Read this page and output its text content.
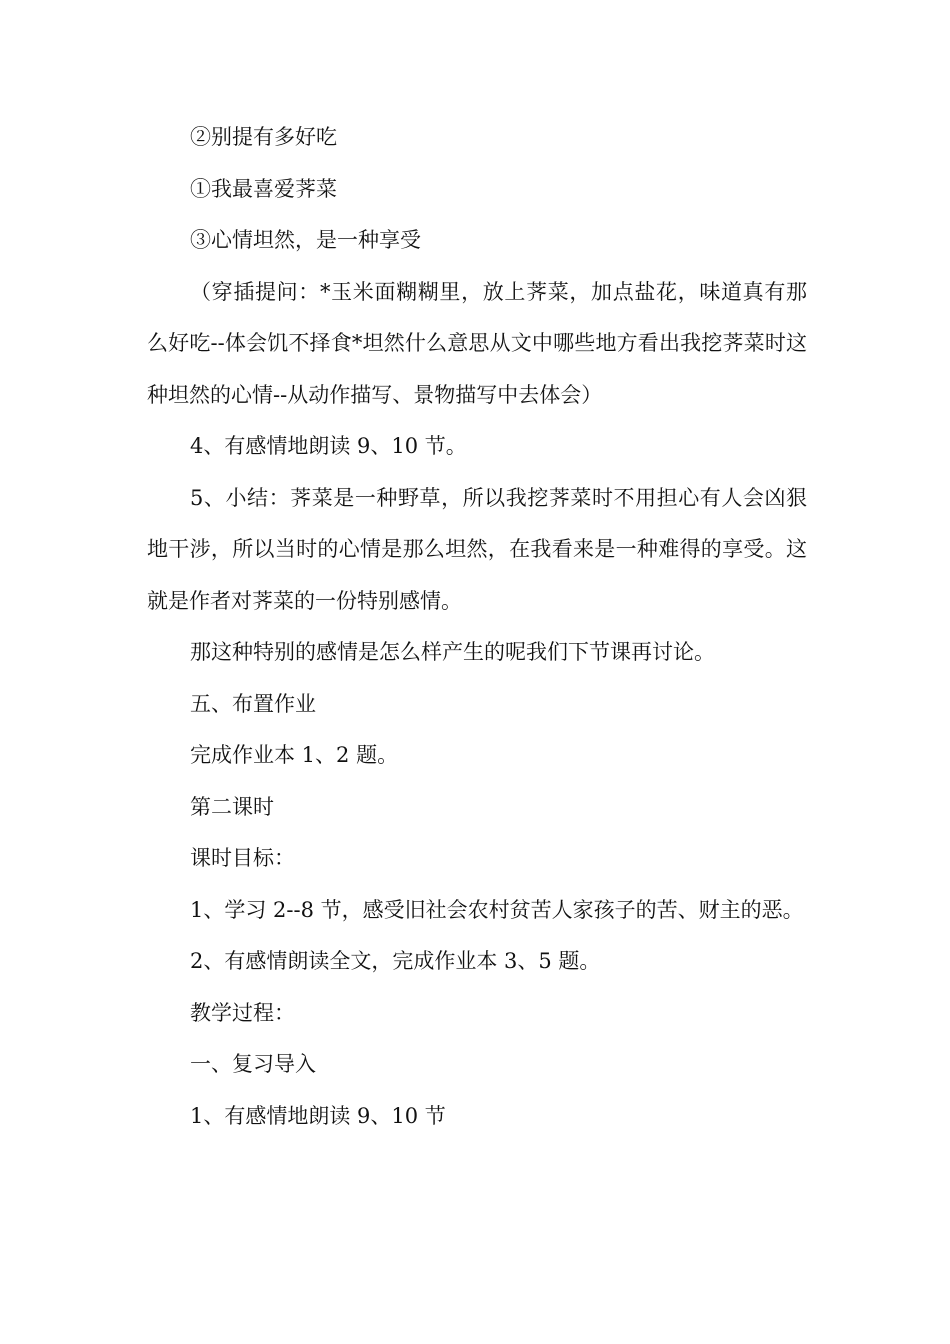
②别提有多好吃

①我最喜爱荠菜

③心情坦然，是一种享受

（穿插提问：*玉米面糊糊里，放上荠菜，加点盐花，味道真有那么好吃--体会饥不择食*坦然什么意思从文中哪些地方看出我挖荠菜时这种坦然的心情--从动作描写、景物描写中去体会）

4、有感情地朗读 9、10 节。

5、小结：荠菜是一种野草，所以我挖荠菜时不用担心有人会凶狠地干涉，所以当时的心情是那么坦然，在我看来是一种难得的享受。这就是作者对荠菜的一份特别感情。

那这种特别的感情是怎么样产生的呢我们下节课再讨论。

五、布置作业

完成作业本 1、2 题。

第二课时

课时目标：

1、学习 2--8 节，感受旧社会农村贫苦人家孩子的苦、财主的恶。

2、有感情朗读全文，完成作业本 3、5 题。

教学过程：

一、复习导入

1、有感情地朗读 9、10 节
